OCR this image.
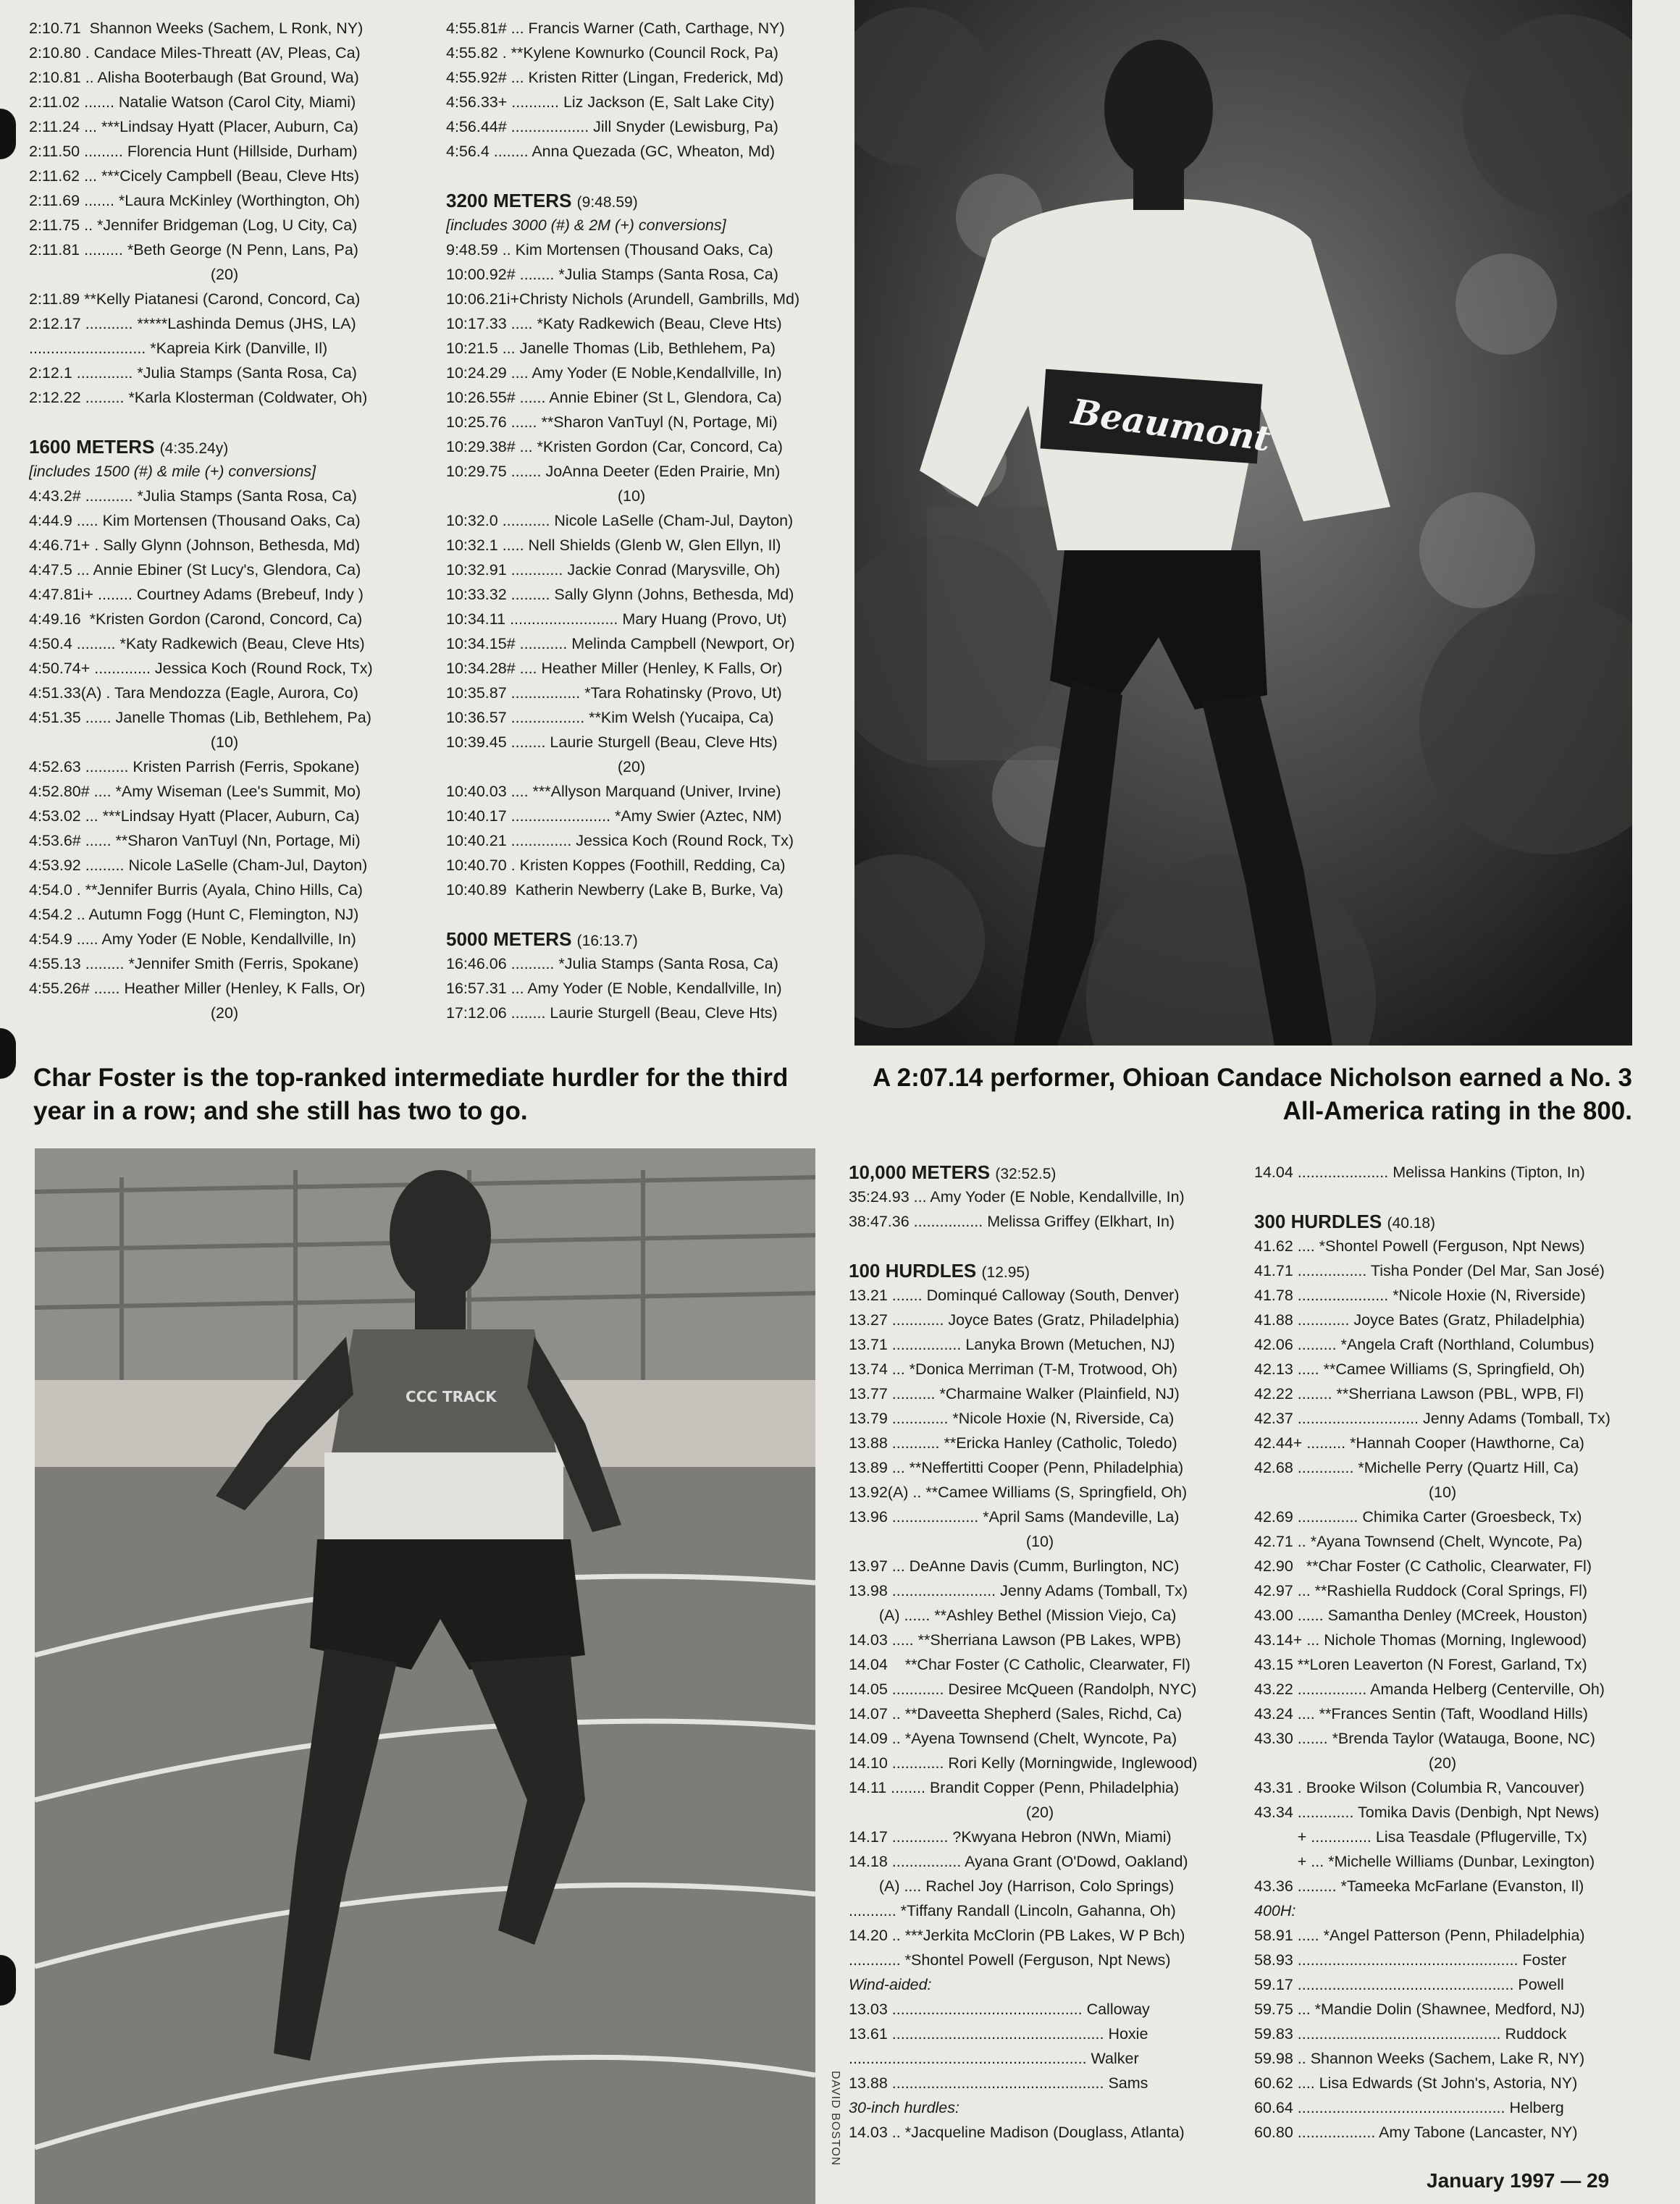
2:10.71  Shannon Weeks (Sachem, L Ronk, NY)
2:10.80 . Candace Miles-Threatt (AV, Pleas, Ca)
2:10.81 .. Alisha Booterbaugh (Bat Ground, Wa)
2:11.02 ....... Natalie Watson (Carol City, Miami)
2:11.24 ... ***Lindsay Hyatt (Placer, Auburn, Ca)
2:11.50 ......... Florencia Hunt (Hillside, Durham)
2:11.62 ... ***Cicely Campbell (Beau, Cleve Hts)
2:11.69 ....... *Laura McKinley (Worthington, Oh)
2:11.75 .. *Jennifer Bridgeman (Log, U City, Ca)
2:11.81 ......... *Beth George (N Penn, Lans, Pa)
(20)
2:11.89 **Kelly Piatanesi (Carond, Concord, Ca)
2:12.17 ........... *****Lashinda Demus (JHS, LA)
........................... *Kapreia Kirk (Danville, Il)
2:12.1 ............. *Julia Stamps (Santa Rosa, Ca)
2:12.22 ......... *Karla Klosterman (Coldwater, Oh)
1600 METERS (4:35.24y)
[includes 1500 (#) & mile (+) conversions]
4:43.2# ........... *Julia Stamps (Santa Rosa, Ca)
4:44.9 ..... Kim Mortensen (Thousand Oaks, Ca)
4:46.71+ . Sally Glynn (Johnson, Bethesda, Md)
4:47.5 ... Annie Ebiner (St Lucy's, Glendora, Ca)
4:47.81i+ ........ Courtney Adams (Brebeuf, Indy )
4:49.16  *Kristen Gordon (Carond, Concord, Ca)
4:50.4 ......... *Katy Radkewich (Beau, Cleve Hts)
4:50.74+ ............. Jessica Koch (Round Rock, Tx)
4:51.33(A) . Tara Mendozza (Eagle, Aurora, Co)
4:51.35 ...... Janelle Thomas (Lib, Bethlehem, Pa)
(10)
4:52.63 .......... Kristen Parrish (Ferris, Spokane)
4:52.80# .... *Amy Wiseman (Lee's Summit, Mo)
4:53.02 ... ***Lindsay Hyatt (Placer, Auburn, Ca)
4:53.6# ...... **Sharon VanTuyl (Nn, Portage, Mi)
4:53.92 ......... Nicole LaSelle (Cham-Jul, Dayton)
4:54.0 . **Jennifer Burris (Ayala, Chino Hills, Ca)
4:54.2 .. Autumn Fogg (Hunt C, Flemington, NJ)
4:54.9 ..... Amy Yoder (E Noble, Kendallville, In)
4:55.13 ......... *Jennifer Smith (Ferris, Spokane)
4:55.26# ...... Heather Miller (Henley, K Falls, Or)
(20)
4:55.81# ... Francis Warner (Cath, Carthage, NY)
4:55.82 . **Kylene Kownurko (Council Rock, Pa)
4:55.92# ... Kristen Ritter (Lingan, Frederick, Md)
4:56.33+ ........... Liz Jackson (E, Salt Lake City)
4:56.44# .................. Jill Snyder (Lewisburg, Pa)
4:56.4 ........ Anna Quezada (GC, Wheaton, Md)
3200 METERS (9:48.59)
[includes 3000 (#) & 2M (+) conversions]
9:48.59 .. Kim Mortensen (Thousand Oaks, Ca)
10:00.92# ........ *Julia Stamps (Santa Rosa, Ca)
10:06.21i+Christy Nichols (Arundell, Gambrills, Md)
10:17.33 ..... *Katy Radkewich (Beau, Cleve Hts)
10:21.5 ... Janelle Thomas (Lib, Bethlehem, Pa)
10:24.29 .... Amy Yoder (E Noble,Kendallville, In)
10:26.55# ...... Annie Ebiner (St L, Glendora, Ca)
10:25.76 ...... **Sharon VanTuyl (N, Portage, Mi)
10:29.38# ... *Kristen Gordon (Car, Concord, Ca)
10:29.75 ....... JoAnna Deeter (Eden Prairie, Mn)
(10)
10:32.0 ........... Nicole LaSelle (Cham-Jul, Dayton)
10:32.1 ..... Nell Shields (Glenb W, Glen Ellyn, Il)
10:32.91 ............ Jackie Conrad (Marysville, Oh)
10:33.32 ......... Sally Glynn (Johns, Bethesda, Md)
10:34.11 ......................... Mary Huang (Provo, Ut)
10:34.15# ........... Melinda Campbell (Newport, Or)
10:34.28# .... Heather Miller (Henley, K Falls, Or)
10:35.87 ................ *Tara Rohatinsky (Provo, Ut)
10:36.57 ................. **Kim Welsh (Yucaipa, Ca)
10:39.45 ........ Laurie Sturgell (Beau, Cleve Hts)
(20)
10:40.03 .... ***Allyson Marquand (Univer, Irvine)
10:40.17 ....................... *Amy Swier (Aztec, NM)
10:40.21 .............. Jessica Koch (Round Rock, Tx)
10:40.70 . Kristen Koppes (Foothill, Redding, Ca)
10:40.89  Katherin Newberry (Lake B, Burke, Va)
5000 METERS (16:13.7)
16:46.06 .......... *Julia Stamps (Santa Rosa, Ca)
16:57.31 ... Amy Yoder (E Noble, Kendallville, In)
17:12.06 ........ Laurie Sturgell (Beau, Cleve Hts)
10,000 METERS (32:52.5)
35:24.93 ... Amy Yoder (E Noble, Kendallville, In)
38:47.36 ................ Melissa Griffey (Elkhart, In)
100 HURDLES (12.95)
13.21 ....... Dominqué Calloway (South, Denver)
13.27 ............ Joyce Bates (Gratz, Philadelphia)
13.71 ................ Lanyka Brown (Metuchen, NJ)
13.74 ... *Donica Merriman (T-M, Trotwood, Oh)
13.77 .......... *Charmaine Walker (Plainfield, NJ)
13.79 ............. *Nicole Hoxie (N, Riverside, Ca)
13.88 ........... **Ericka Hanley (Catholic, Toledo)
13.89 ... **Neffertitti Cooper (Penn, Philadelphia)
13.92(A) .. **Camee Williams (S, Springfield, Oh)
13.96 .................... *April Sams (Mandeville, La)
(10)
13.97 ... DeAnne Davis (Cumm, Burlington, NC)
13.98 ........................ Jenny Adams (Tomball, Tx)
(A) ...... **Ashley Bethel (Mission Viejo, Ca)
14.03 ..... **Sherriana Lawson (PB Lakes, WPB)
14.04    **Char Foster (C Catholic, Clearwater, Fl)
14.05 ............ Desiree McQueen (Randolph, NYC)
14.07 .. **Daveetta Shepherd (Sales, Richd, Ca)
14.09 .. *Ayena Townsend (Chelt, Wyncote, Pa)
14.10 ............ Rori Kelly (Morningwide, Inglewood)
14.11 ........ Brandit Copper (Penn, Philadelphia)
(20)
14.17 ............. ?Kwyana Hebron (NWn, Miami)
14.18 ................ Ayana Grant (O'Dowd, Oakland)
(A) .... Rachel Joy (Harrison, Colo Springs)
........... *Tiffany Randall (Lincoln, Gahanna, Oh)
14.20 .. ***Jerkita McClorin (PB Lakes, W P Bch)
............ *Shontel Powell (Ferguson, Npt News)
Wind-aided:
13.03 ............................................ Calloway
13.61 ................................................. Hoxie
....................................................... Walker
13.88 ................................................. Sams
30-inch hurdles:
14.03 .. *Jacqueline Madison (Douglass, Atlanta)
14.04 ..................... Melissa Hankins (Tipton, In)
300 HURDLES (40.18)
41.62 .... *Shontel Powell (Ferguson, Npt News)
41.71 ................ Tisha Ponder (Del Mar, San José)
41.78 ..................... *Nicole Hoxie (N, Riverside)
41.88 ............ Joyce Bates (Gratz, Philadelphia)
42.06 ......... *Angela Craft (Northland, Columbus)
42.13 ..... **Camee Williams (S, Springfield, Oh)
42.22 ........ **Sherriana Lawson (PBL, WPB, Fl)
42.37 ............................ Jenny Adams (Tomball, Tx)
42.44+ ......... *Hannah Cooper (Hawthorne, Ca)
42.68 ............. *Michelle Perry (Quartz Hill, Ca)
(10)
42.69 .............. Chimika Carter (Groesbeck, Tx)
42.71 .. *Ayana Townsend (Chelt, Wyncote, Pa)
42.90   **Char Foster (C Catholic, Clearwater, Fl)
42.97 ... **Rashiella Ruddock (Coral Springs, Fl)
43.00 ...... Samantha Denley (MCreek, Houston)
43.14+ ... Nichole Thomas (Morning, Inglewood)
43.15 **Loren Leaverton (N Forest, Garland, Tx)
43.22 ................ Amanda Helberg (Centerville, Oh)
43.24 .... **Frances Sentin (Taft, Woodland Hills)
43.30 ....... *Brenda Taylor (Watauga, Boone, NC)
(20)
43.31 . Brooke Wilson (Columbia R, Vancouver)
43.34 ............. Tomika Davis (Denbigh, Npt News)
+ .............. Lisa Teasdale (Pflugerville, Tx)
+ ... *Michelle Williams (Dunbar, Lexington)
43.36 ......... *Tameeka McFarlane (Evanston, Il)
400H:
58.91 ..... *Angel Patterson (Penn, Philadelphia)
58.93 ................................................... Foster
59.17 .................................................. Powell
59.75 ... *Mandie Dolin (Shawnee, Medford, NJ)
59.83 ............................................... Ruddock
59.98 .. Shannon Weeks (Sachem, Lake R, NY)
60.62 .... Lisa Edwards (St John's, Astoria, NY)
60.64 ................................................ Helberg
60.80 .................. Amy Tabone (Lancaster, NY)
Beaumont
Char Foster is the top-ranked intermediate hurdler for the third year in a row; and she still has two to go.
A 2:07.14 performer, Ohioan Candace Nicholson earned a No. 3 All-America rating in the 800.
CCC TRACK
DAVID BOSTON
January 1997 — 29
